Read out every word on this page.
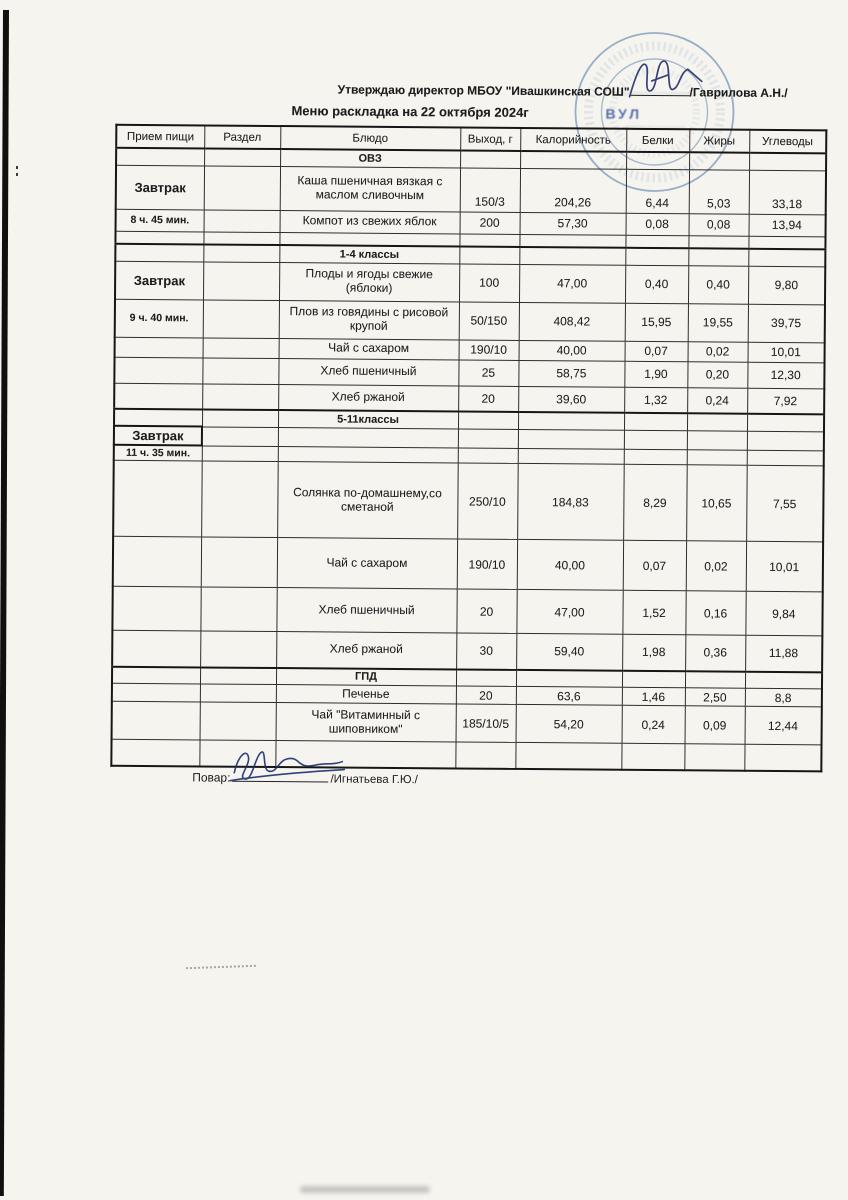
ВУЛ
Утверждаю директор МБОУ "Ивашкинская СОШ"	/Гаврилова А.Н./
Меню раскладка на 22 октября 2024г
Прием пищи	Раздел	Блюдо	Выход, г	Калорийность	Белки	Жиры	Углеводы
		ОВЗ					
Завтрак		Каша пшеничная вязкая с маслом сливочным	150/3	204,26	6,44	5,03	33,18
8 ч. 45 мин.		Компот из свежих яблок	200	57,30	0,08	0,08	13,94

		1-4 классы					
Завтрак		Плоды и ягоды свежие (яблоки)	100	47,00	0,40	0,40	9,80
9 ч. 40 мин.		Плов из говядины с рисовой крупой	50/150	408,42	15,95	19,55	39,75
		Чай с сахаром	190/10	40,00	0,07	0,02	10,01
		Хлеб пшеничный	25	58,75	1,90	0,20	12,30
		Хлеб ржаной	20	39,60	1,32	0,24	7,92
		5-11классы					
Завтрак							
11 ч. 35 мин.							
		Солянка по-домашнему,со сметаной	250/10	184,83	8,29	10,65	7,55
		Чай с сахаром	190/10	40,00	0,07	0,02	10,01
		Хлеб пшеничный	20	47,00	1,52	0,16	9,84
		Хлеб ржаной	30	59,40	1,98	0,36	11,88
		ГПД					
		Печенье	20	63,6	1,46	2,50	8,8
		Чай "Витаминный с шиповником"	185/10/5	54,20	0,24	0,09	12,44

Повар:	/Игнатьева Г.Ю./
